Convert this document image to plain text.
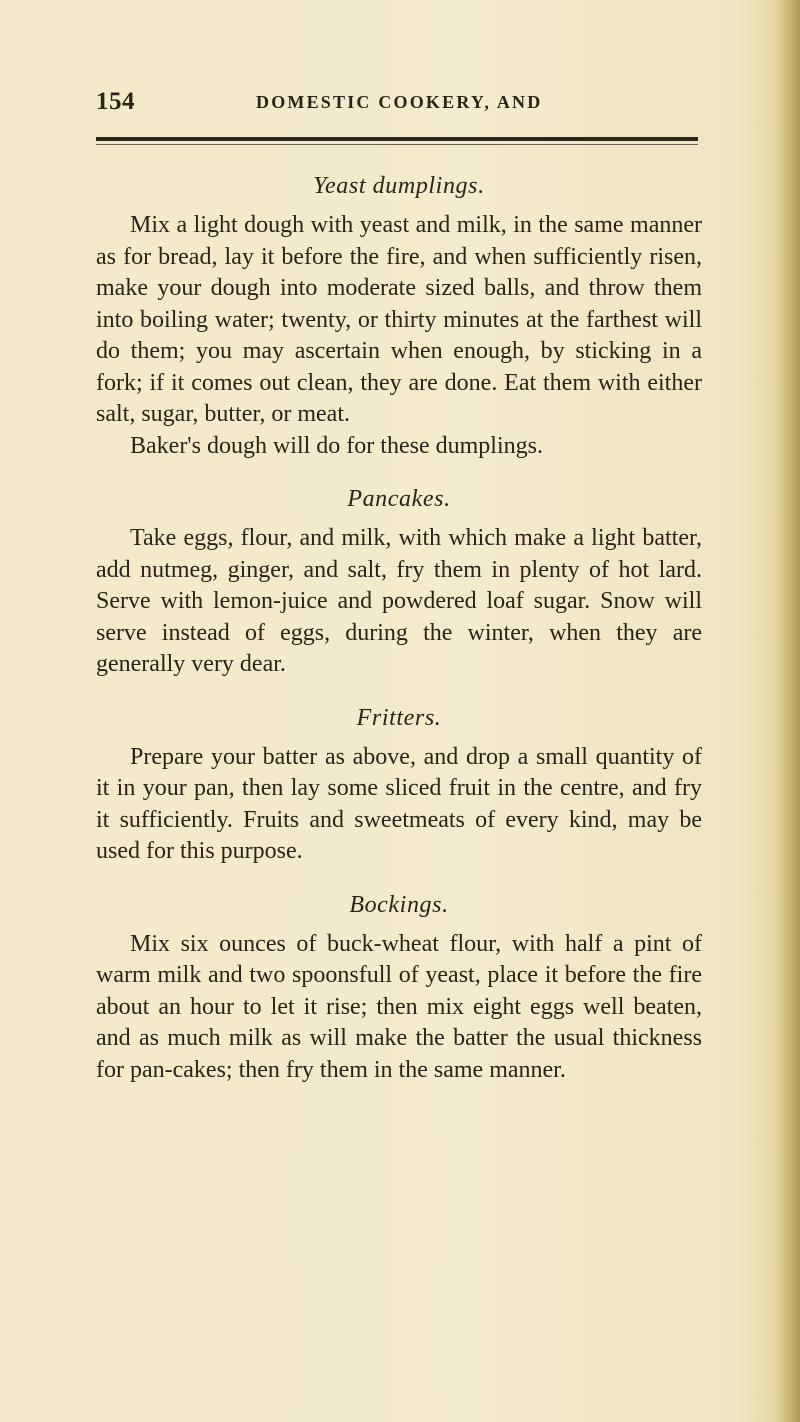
154	DOMESTIC COOKERY, AND

Yeast dumplings.

Mix a light dough with yeast and milk, in the same manner as for bread, lay it before the fire, and when sufficiently risen, make your dough into moderate sized balls, and throw them into boiling water; twenty, or thirty minutes at the farthest will do them; you may ascertain when enough, by sticking in a fork; if it comes out clean, they are done. Eat them with either salt, sugar, butter, or meat.

Baker's dough will do for these dumplings.

Pancakes.

Take eggs, flour, and milk, with which make a light batter, add nutmeg, ginger, and salt, fry them in plenty of hot lard. Serve with lemon-juice and powdered loaf sugar. Snow will serve instead of eggs, during the winter, when they are generally very dear.

Fritters.

Prepare your batter as above, and drop a small quantity of it in your pan, then lay some sliced fruit in the centre, and fry it sufficiently. Fruits and sweetmeats of every kind, may be used for this purpose.

Bockings.

Mix six ounces of buck-wheat flour, with half a pint of warm milk and two spoonsfull of yeast, place it before the fire about an hour to let it rise; then mix eight eggs well beaten, and as much milk as will make the batter the usual thickness for pan-cakes; then fry them in the same manner.
